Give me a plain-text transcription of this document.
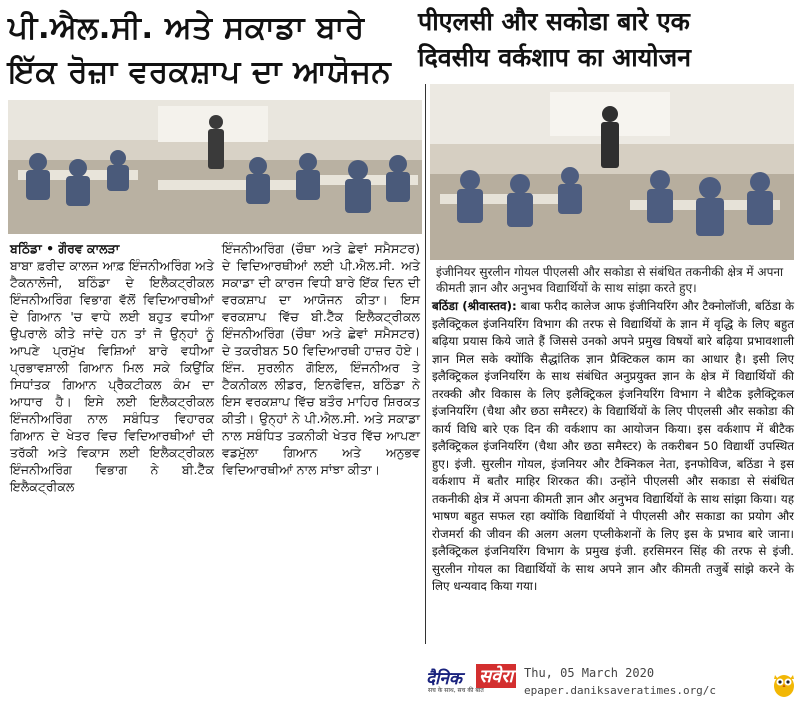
ਪੀ.ਐਲ.ਸੀ. ਅਤੇ ਸਕਾਡਾ ਬਾਰੇ
ਇੱਕ ਰੋਜ਼ਾ ਵਰਕਸ਼ਾਪ ਦਾ ਆਯੋਜਨ
पीएलसी और सकोडा बारे एक
दिवसीय वर्कशाप का आयोजन
ਬਠਿੰਡਾ • ਗੌਰਵ ਕਾਲੜਾ
ਬਾਬਾ ਫ਼ਰੀਦ ਕਾਲਜ ਆਫ਼ ਇੰਜਨੀਅਰਿੰਗ ਅਤੇ ਟੈਕਨਾਲੋਜੀ, ਬਠਿੰਡਾ ਦੇ ਇਲੈਕਟ੍ਰੀਕਲ ਇੰਜਨੀਅਰਿੰਗ ਵਿਭਾਗ ਵੱਲੋਂ ਵਿਦਿਆਰਥੀਆਂ ਦੇ ਗਿਆਨ 'ਚ ਵਾਧੇ ਲਈ ਬਹੁਤ ਵਧੀਆ ਉਪਰਾਲੇ ਕੀਤੇ ਜਾਂਦੇ ਹਨ ਤਾਂ ਜੋ ਉਨ੍ਹਾਂ ਨੂੰ ਆਪਣੇ ਪ੍ਰਮੁੱਖ ਵਿਸ਼ਿਆਂ ਬਾਰੇ ਵਧੀਆ ਪ੍ਰਭਾਵਸ਼ਾਲੀ ਗਿਆਨ ਮਿਲ ਸਕੇ ਕਿਉਂਕਿ ਸਿਧਾਂਤਕ ਗਿਆਨ ਪ੍ਰੈਕਟੀਕਲ ਕੰਮ ਦਾ ਆਧਾਰ ਹੈ। ਇਸੇ ਲਈ ਇਲੈਕਟ੍ਰੀਕਲ ਇੰਜਨੀਅਰਿੰਗ ਨਾਲ ਸਬੰਧਿਤ ਵਿਹਾਰਕ ਗਿਆਨ ਦੇ ਖੇਤਰ ਵਿਚ ਵਿਦਿਆਰਥੀਆਂ ਦੀ ਤਰੱਕੀ ਅਤੇ ਵਿਕਾਸ ਲਈ ਇਲੈਕਟ੍ਰੀਕਲ ਇੰਜਨੀਅਰਿੰਗ ਵਿਭਾਗ ਨੇ ਬੀ.ਟੈੱਕ ਇਲੈਕਟ੍ਰੀਕਲ
ਇੰਜਨੀਅਰਿੰਗ (ਚੌਥਾ ਅਤੇ ਛੇਵਾਂ ਸਮੈਸਟਰ) ਦੇ ਵਿਦਿਆਰਥੀਆਂ ਲਈ ਪੀ.ਐਲ.ਸੀ. ਅਤੇ ਸਕਾਡਾ ਦੀ ਕਾਰਜ ਵਿਧੀ ਬਾਰੇ ਇੱਕ ਦਿਨ ਦੀ ਵਰਕਸ਼ਾਪ ਦਾ ਆਯੋਜਨ ਕੀਤਾ। ਇਸ ਵਰਕਸ਼ਾਪ ਵਿੱਚ ਬੀ.ਟੈੱਕ ਇਲੈਕਟ੍ਰੀਕਲ ਇੰਜਨੀਅਰਿੰਗ (ਚੌਥਾ ਅਤੇ ਛੇਵਾਂ ਸਮੈਸਟਰ) ਦੇ ਤਕਰੀਬਨ 50 ਵਿਦਿਆਰਥੀ ਹਾਜ਼ਰ ਹੋਏ। ਇੰਜ. ਸੁਰਲੀਨ ਗੋਇਲ, ਇੰਜਨੀਅਰ ਤੇ ਟੈਕਨੀਕਲ ਲੀਡਰ, ਇਨਫੋਵਿਜ਼, ਬਠਿੰਡਾ ਨੇ ਇਸ ਵਰਕਸ਼ਾਪ ਵਿੱਚ ਬਤੌਰ ਮਾਹਿਰ ਸ਼ਿਰਕਤ ਕੀਤੀ। ਉਨ੍ਹਾਂ ਨੇ ਪੀ.ਐਲ.ਸੀ. ਅਤੇ ਸਕਾਡਾ ਨਾਲ ਸਬੰਧਿਤ ਤਕਨੀਕੀ ਖੇਤਰ ਵਿੱਚ ਆਪਣਾ ਵਡਮੁੱਲਾ ਗਿਆਨ ਅਤੇ ਅਨੁਭਵ ਵਿਦਿਆਰਥੀਆਂ ਨਾਲ ਸਾਂਝਾ ਕੀਤਾ।
इंजीनियर सुरलीन गोयल पीएलसी और सकोडा से संबंधित तकनीकी क्षेत्र में अपना कीमती ज्ञान और अनुभव विद्यार्थियों के साथ सांझा करते हुए।
बठिंडा (श्रीवास्तव): बाबा फरीद कालेज आफ इंजीनियरिंग और टैक्नोलॉजी, बठिंडा के इलैक्ट्रिकल इंजनियरिंग विभाग की तरफ से विद्यार्थियों के ज्ञान में वृद्धि के लिए बहुत बढ़िया प्रयास किये जाते हैं जिससे उनको अपने प्रमुख विषयों बारे बढ़िया प्रभावशाली ज्ञान मिल सके क्योंकि सैद्धांतिक ज्ञान प्रैक्टिकल काम का आधार है। इसी लिए इलैक्ट्रिकल इंजनियरिंग के साथ संबंधित अनुप्रयुक्त ज्ञान के क्षेत्र में विद्यार्थियों की तरक्की और विकास के लिए इलैक्ट्रिकल इंजनियरिंग विभाग ने बीटैक इलैक्ट्रिकल इंजनियरिंग (चैथा और छठा समैस्टर) के विद्यार्थियों के लिए पीएलसी और सकोडा की कार्य विधि बारे एक दिन की वर्कशाप का आयोजन किया। इस वर्कशाप में बीटैक इलैक्ट्रिकल इंजनियरिंग (चैथा और छठा समैस्टर) के तकरीबन 50 विद्यार्थी उपस्थित हुए। इंजी. सुरलीन गोयल, इंजनियर और टैक्निकल नेता, इनफोविज, बठिंडा ने इस वर्कशाप में बतौर माहिर शिरकत की। उन्होंने पीएलसी और सकाडा से संबंधित तकनीकी क्षेत्र में अपना कीमती ज्ञान और अनुभव विद्यार्थियों के साथ सांझा किया। यह भाषण बहुत सफल रहा क्योंकि विद्यार्थियों ने पीएलसी और सकाडा का प्रयोग और रोजमर्रा की जीवन की अलग अलग एप्लीकेशनों के लिए इस के प्रभाव बारे जाना। इलैक्ट्रिकल इंजनियरिंग विभाग के प्रमुख इंजी. हरसिमरन सिंह की तरफ से इंजी. सुरलीन गोयल का विद्यार्थियों के साथ अपने ज्ञान और कीमती तजुर्बे सांझे करने के लिए धन्यवाद किया गया।
दैनिक सवेरा
सच के साथ, सच की बात
Thu, 05 March 2020
epaper.daniksaveratimes.org/c
